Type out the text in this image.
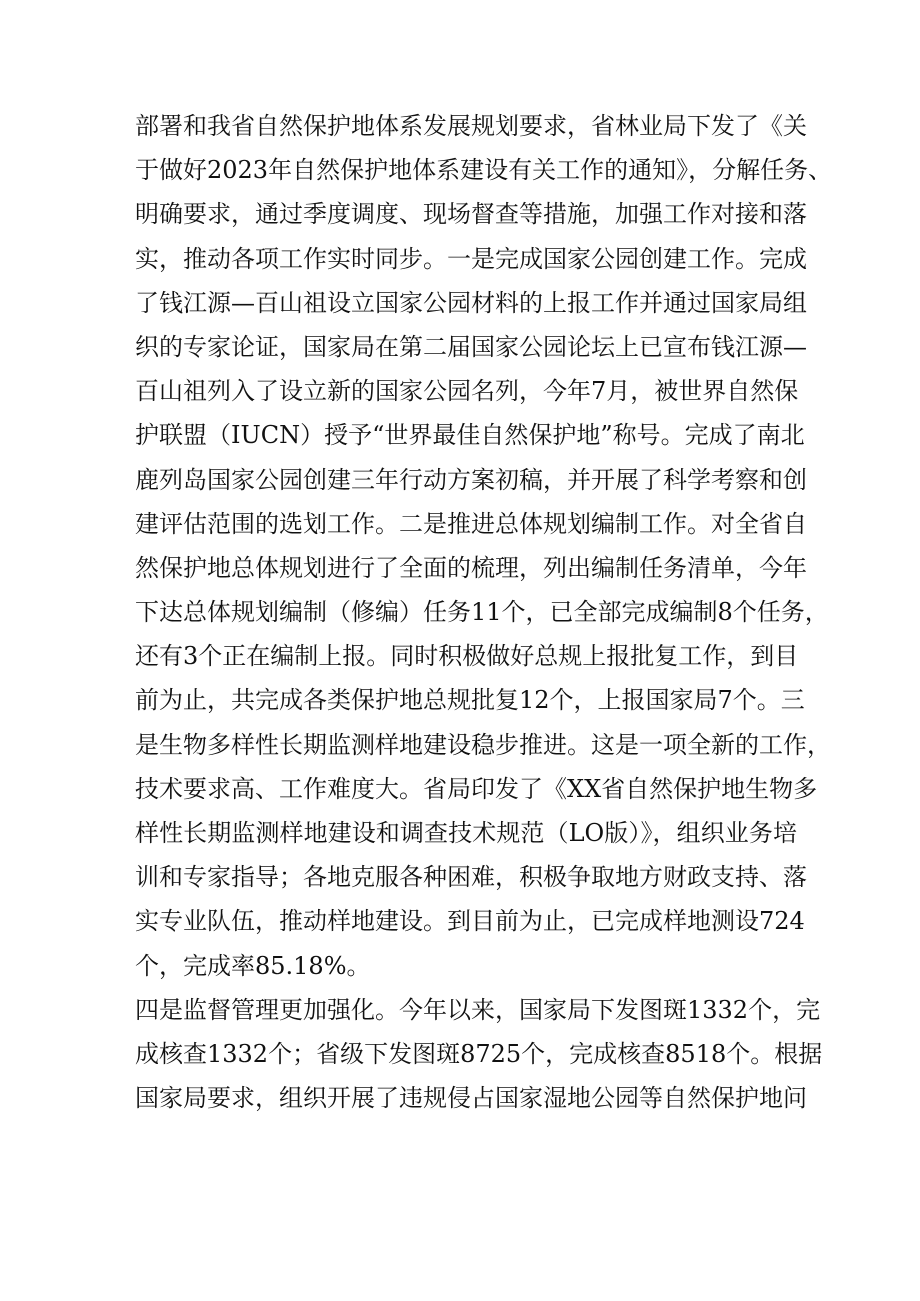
部署和我省自然保护地体系发展规划要求，省林业局下发了《关
于做好2023年自然保护地体系建设有关工作的通知》，分解任务、
明确要求，通过季度调度、现场督查等措施，加强工作对接和落
实，推动各项工作实时同步。一是完成国家公园创建工作。完成
了钱江源—百山祖设立国家公园材料的上报工作并通过国家局组
织的专家论证，国家局在第二届国家公园论坛上已宣布钱江源—
百山祖列入了设立新的国家公园名列，今年7月，被世界自然保
护联盟（IUCN）授予“世界最佳自然保护地”称号。完成了南北
鹿列岛国家公园创建三年行动方案初稿，并开展了科学考察和创
建评估范围的选划工作。二是推进总体规划编制工作。对全省自
然保护地总体规划进行了全面的梳理，列出编制任务清单，今年
下达总体规划编制（修编）任务11个，已全部完成编制8个任务，
还有3个正在编制上报。同时积极做好总规上报批复工作，到目
前为止，共完成各类保护地总规批复12个，上报国家局7个。三
是生物多样性长期监测样地建设稳步推进。这是一项全新的工作，
技术要求高、工作难度大。省局印发了《XX省自然保护地生物多
样性长期监测样地建设和调查技术规范（LO版）》，组织业务培
训和专家指导；各地克服各种困难，积极争取地方财政支持、落
实专业队伍，推动样地建设。到目前为止，已完成样地测设724
个，完成率85.18%。
四是监督管理更加强化。今年以来，国家局下发图斑1332个，完
成核查1332个；省级下发图斑8725个，完成核查8518个。根据
国家局要求，组织开展了违规侵占国家湿地公园等自然保护地问
